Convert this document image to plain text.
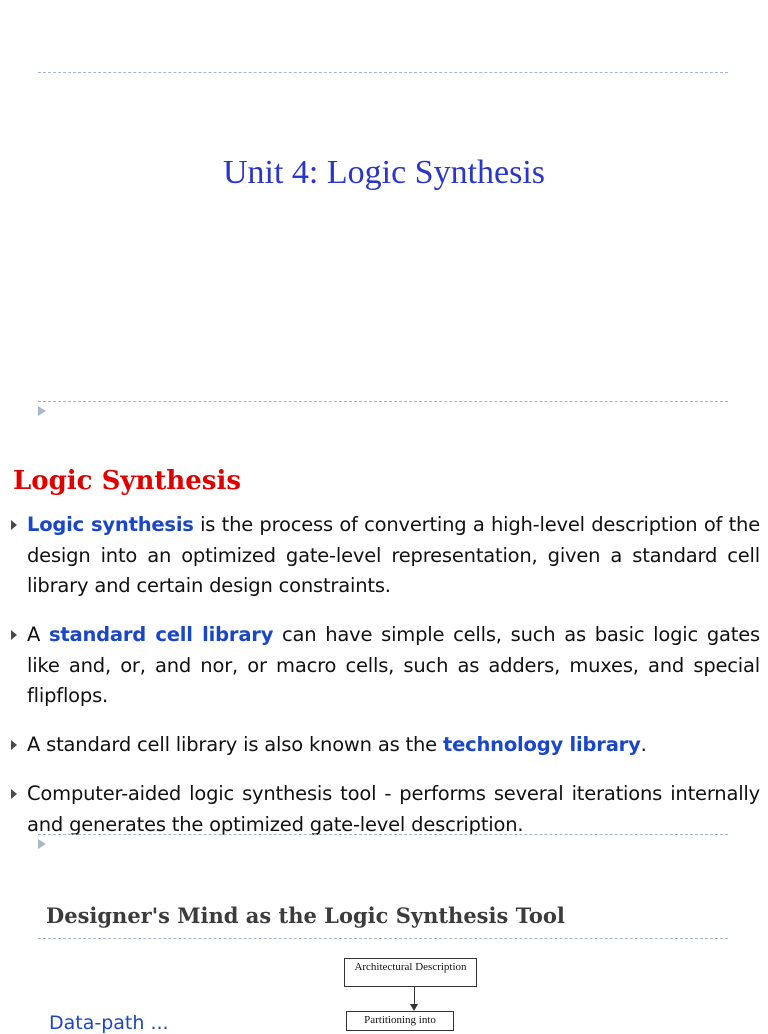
Unit 4: Logic Synthesis
Logic Synthesis
Logic synthesis is the process of converting a high-level description of the design into an optimized gate-level representation, given a standard cell library and certain design constraints.
A standard cell library can have simple cells, such as basic logic gates like and, or, and nor, or macro cells, such as adders, muxes, and special flipflops.
A standard cell library is also known as the technology library.
Computer-aided logic synthesis tool - performs several iterations internally and generates the optimized gate-level description.
Designer's Mind as the Logic Synthesis Tool
Architectural Description
Partitioning into
Data-path ...
